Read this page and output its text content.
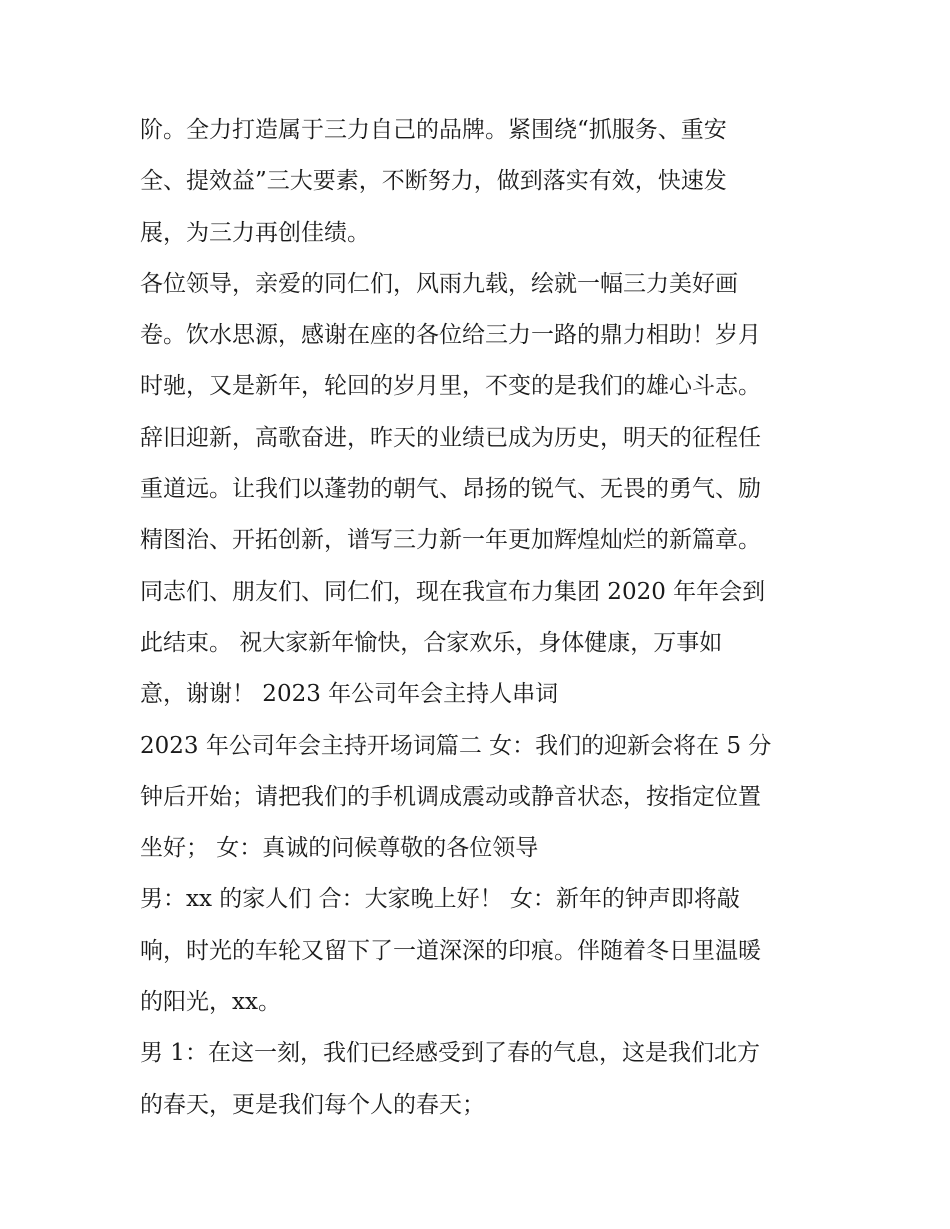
阶。全力打造属于三力自己的品牌。紧围绕“抓服务、重安
全、提效益”三大要素，不断努力，做到落实有效，快速发
展，为三力再创佳绩。
各位领导，亲爱的同仁们，风雨九载，绘就一幅三力美好画
卷。饮水思源，感谢在座的各位给三力一路的鼎力相助！岁月
时驰，又是新年，轮回的岁月里，不变的是我们的雄心斗志。
辞旧迎新，高歌奋进，昨天的业绩已成为历史，明天的征程任
重道远。让我们以蓬勃的朝气、昂扬的锐气、无畏的勇气、励
精图治、开拓创新，谱写三力新一年更加辉煌灿烂的新篇章。
同志们、朋友们、同仁们，现在我宣布力集团 2020 年年会到
此结束。 祝大家新年愉快，合家欢乐，身体健康，万事如
意，谢谢！ 2023 年公司年会主持人串词
2023 年公司年会主持开场词篇二 女：我们的迎新会将在 5 分
钟后开始；请把我们的手机调成震动或静音状态，按指定位置
坐好； 女：真诚的问候尊敬的各位领导
男：xx 的家人们 合：大家晚上好！ 女：新年的钟声即将敲
响，时光的车轮又留下了一道深深的印痕。伴随着冬日里温暖
的阳光，xx。
男 1：在这一刻，我们已经感受到了春的气息，这是我们北方
的春天，更是我们每个人的春天；
